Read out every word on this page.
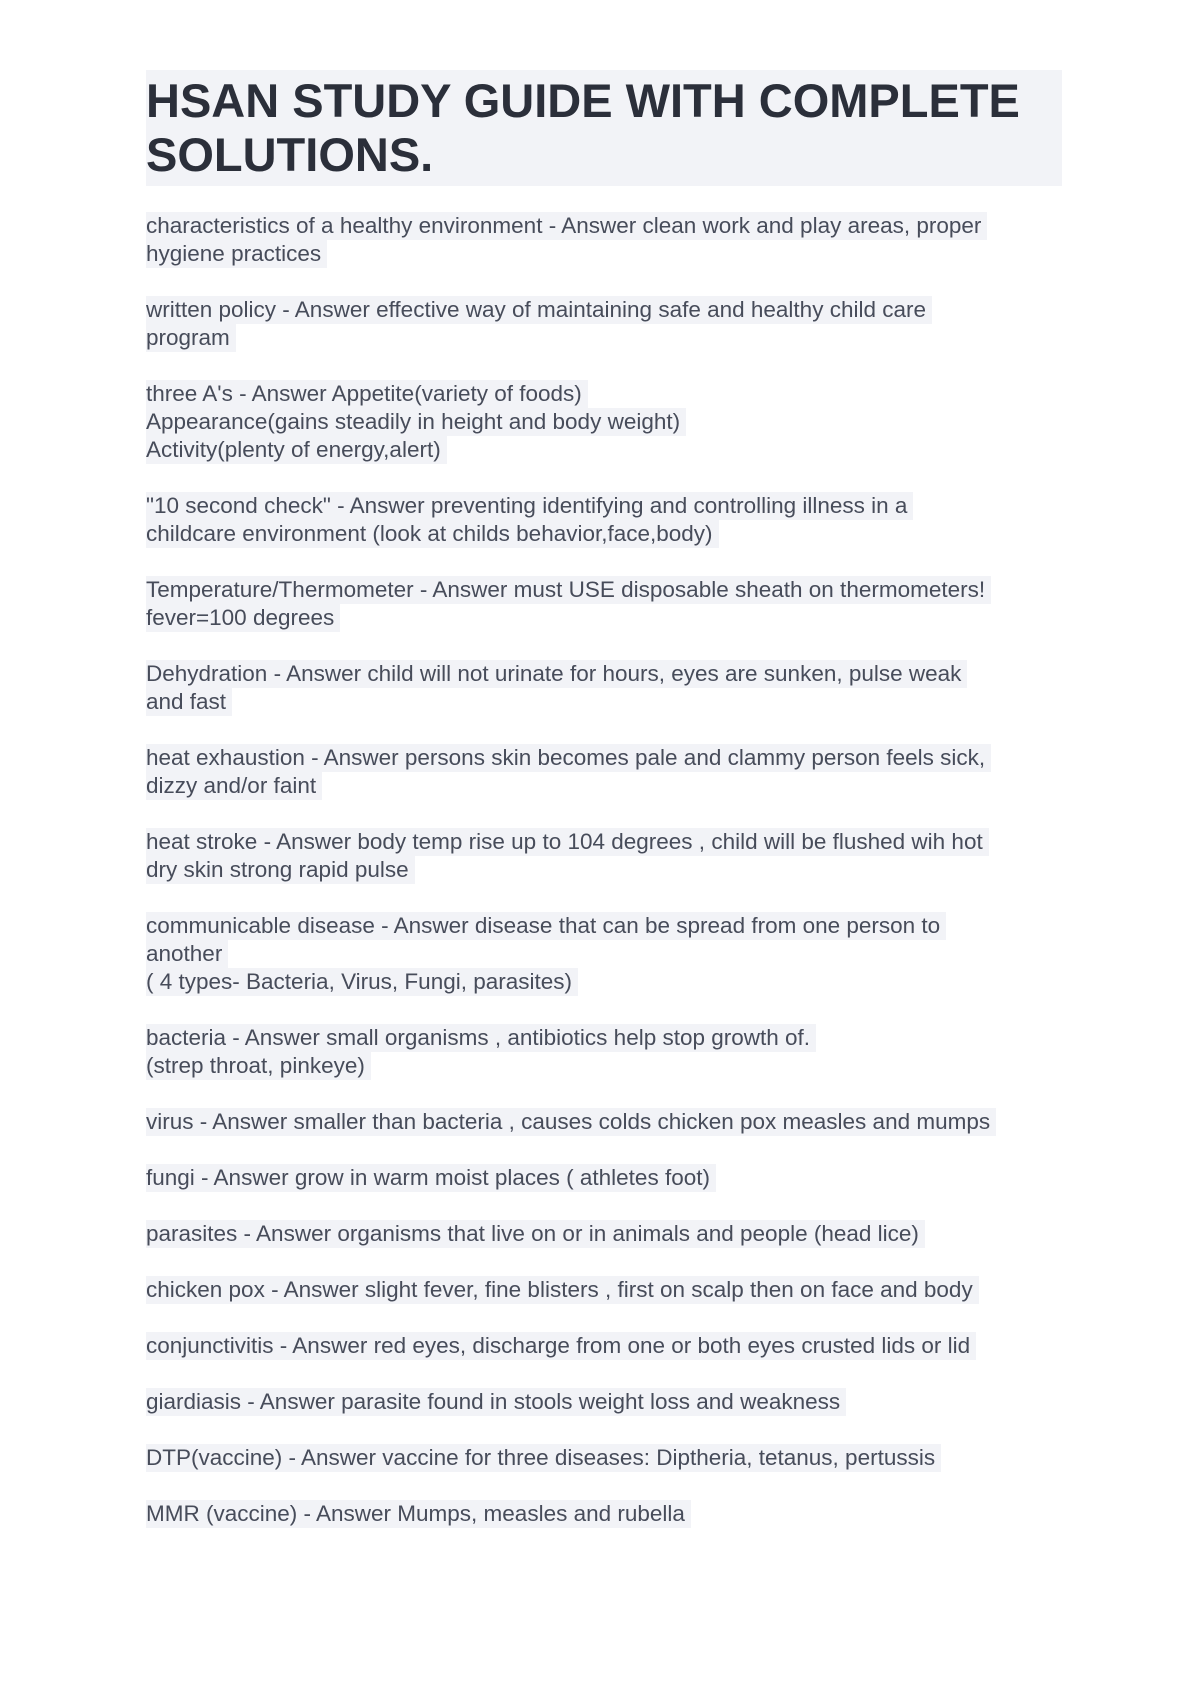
HSAN STUDY GUIDE WITH COMPLETE
SOLUTIONS.
characteristics of a healthy environment - Answer clean work and play areas, proper
hygiene practices
written policy - Answer effective way of maintaining safe and healthy child care
program
three A's - Answer Appetite(variety of foods)
Appearance(gains steadily in height and body weight)
Activity(plenty of energy,alert)
"10 second check" - Answer preventing identifying and controlling illness in a
childcare environment (look at childs behavior,face,body)
Temperature/Thermometer - Answer must USE disposable sheath on thermometers!
fever=100 degrees
Dehydration - Answer child will not urinate for hours, eyes are sunken, pulse weak
and fast
heat exhaustion - Answer persons skin becomes pale and clammy person feels sick,
dizzy and/or faint
heat stroke - Answer body temp rise up to 104 degrees , child will be flushed wih hot
dry skin strong rapid pulse
communicable disease - Answer disease that can be spread from one person to
another
( 4 types- Bacteria, Virus, Fungi, parasites)
bacteria - Answer small organisms , antibiotics help stop growth of.
(strep throat, pinkeye)
virus - Answer smaller than bacteria , causes colds chicken pox measles and mumps
fungi - Answer grow in warm moist places ( athletes foot)
parasites - Answer organisms that live on or in animals and people (head lice)
chicken pox - Answer slight fever, fine blisters , first on scalp then on face and body
conjunctivitis - Answer red eyes, discharge from one or both eyes crusted lids or lid
giardiasis - Answer parasite found in stools weight loss and weakness
DTP(vaccine) - Answer vaccine for three diseases: Diptheria, tetanus, pertussis
MMR (vaccine) - Answer Mumps, measles and rubella
